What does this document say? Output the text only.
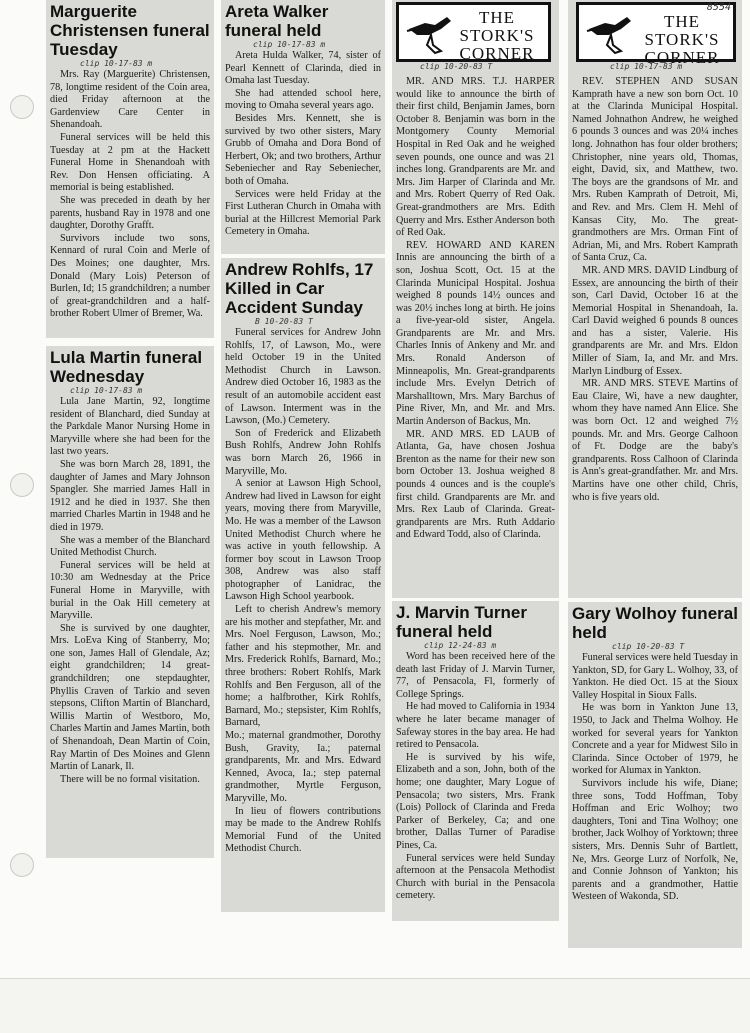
Marguerite Christensen funeral Tuesday
clip 10-17-83 m

Mrs. Ray (Marguerite) Christensen, 78, longtime resident of the Coin area, died Friday afternoon at the Gardenview Care Center in Shenandoah.

Funeral services will be held this Tuesday at 2 pm at the Hackett Funeral Home in Shenandoah with Rev. Don Hensen officiating. A memorial is being established.

She was preceded in death by her parents, husband Ray in 1978 and one daughter, Dorothy Grafft.

Survivors include two sons, Kennard of rural Coin and Merle of Des Moines; one daughter, Mrs. Donald (Mary Lois) Peterson of Burlen, Id; 15 grandchildren; a number of great-grandchildren and a half-brother Robert Ulmer of Bremer, Wa.

Lula Martin funeral Wednesday
clip 10-17-83 m

Lula Jane Martin, 92, longtime resident of Blanchard, died Sunday at the Parkdale Manor Nursing Home in Maryville where she had been for the last two years.

She was born March 28, 1891, the daughter of James and Mary Johnson Spangler. She married James Hall in 1912 and he died in 1937. She then married Charles Martin in 1948 and he died in 1979.

She was a member of the Blanchard United Methodist Church.

Funeral services will be held at 10:30 am Wednesday at the Price Funeral Home in Maryville, with burial in the Oak Hill cemetery at Maryville.

She is survived by one daughter, Mrs. LoEva King of Stanberry, Mo; one son, James Hall of Glendale, Az; eight grandchildren; 14 great-grandchildren; one stepdaughter, Phyllis Craven of Tarkio and seven stepsons, Clifton Martin of Blanchard, Willis Martin of Westboro, Mo, Charles Martin and James Martin, both of Shenandoah, Dean Martin of Coin, Ray Martin of Des Moines and Glenn Martin of Lanark, Il.

There will be no formal visitation.

Areta Walker funeral held
clip 10-17-83 m

Areta Hulda Walker, 74, sister of Pearl Kennett of Clarinda, died in Omaha last Tuesday.

She had attended school here, moving to Omaha several years ago.

Besides Mrs. Kennett, she is survived by two other sisters, Mary Grubb of Omaha and Dora Bond of Herbert, Ok; and two brothers, Arthur Sebeniecher and Ray Sebeniecher, both of Omaha.

Services were held Friday at the First Lutheran Church in Omaha with burial at the Hillcrest Memorial Park Cemetery in Omaha.

Andrew Rohlfs, 17 Killed in Car Accident Sunday
B 10-20-83 T

Funeral services for Andrew John Rohlfs, 17, of Lawson, Mo., were held October 19 in the United Methodist Church in Lawson. Andrew died October 16, 1983 as the result of an automobile accident east of Lawson. Interment was in the Lawson, (Mo.) Cemetery.

Son of Frederick and Elizabeth Bush Rohlfs, Andrew John Rohlfs was born March 26, 1966 in Maryville, Mo.

A senior at Lawson High School, Andrew had lived in Lawson for eight years, moving there from Maryville, Mo. He was a member of the Lawson United Methodist Church where he was active in youth fellowship. A former boy scout in Lawson Troop 308, Andrew was also staff photographer of Lanidrac, the Lawson High School yearbook.

Left to cherish Andrew's memory are his mother and stepfather, Mr. and Mrs. Noel Ferguson, Lawson, Mo.; father and his stepmother, Mr. and Mrs. Frederick Rohlfs, Barnard, Mo.; three brothers: Robert Rohlfs, Mark Rohlfs and Ben Ferguson, all of the home; a halfbrother, Kirk Rohlfs, Barnard, Mo.; stepsister, Kim Rohlfs, Barnard,

Mo.; maternal grandmother, Dorothy Bush, Gravity, Ia.; paternal grandparents, Mr. and Mrs. Edward Kenned, Avoca, Ia.; step paternal grandmother, Myrtle Ferguson, Maryville, Mo.

In lieu of flowers contributions may be made to the Andrew Rohlfs Memorial Fund of the United Methodist Church.

THE STORK'S CORNER
clip 10-20-83 T

MR. AND MRS. T.J. HARPER would like to announce the birth of their first child, Benjamin James, born October 8. Benjamin was born in the Montgomery County Memorial Hospital in Red Oak and he weighed seven pounds, one ounce and was 21 inches long. Grandparents are Mr. and Mrs. Jim Harper of Clarinda and Mr. and Mrs. Robert Querry of Red Oak. Great-grandmothers are Mrs. Edith Querry and Mrs. Esther Anderson both of Red Oak.

REV. HOWARD AND KAREN Innis are announcing the birth of a son, Joshua Scott, Oct. 15 at the Clarinda Municipal Hospital. Joshua weighed 8 pounds 14½ ounces and was 20½ inches long at birth. He joins a five-year-old sister, Angela. Grandparents are Mr. and Mrs. Charles Innis of Ankeny and Mr. and Mrs. Ronald Anderson of Minneapolis, Mn. Great-grandparents include Mrs. Evelyn Detrich of Marshalltown, Mrs. Mary Barchus of Pine River, Mn, and Mr. and Mrs. Martin Anderson of Backus, Mn.

MR. AND MRS. ED LAUB of Atlanta, Ga, have chosen Joshua Brenton as the name for their new son born October 13. Joshua weighed 8 pounds 4 ounces and is the couple's first child. Grandparents are Mr. and Mrs. Rex Laub of Clarinda. Great-grandparents are Mrs. Ruth Addario and Edward Todd, also of Clarinda.

J. Marvin Turner funeral held
clip 12-24-83 m

Word has been received here of the death last Friday of J. Marvin Turner, 77, of Pensacola, Fl, formerly of College Springs.

He had moved to California in 1934 where he later became manager of Safeway stores in the bay area. He had retired to Pensacola.

He is survived by his wife, Elizabeth and a son, John, both of the home; one daughter, Mary Logue of Pensacola; two sisters, Mrs. Frank (Lois) Pollock of Clarinda and Freda Parker of Berkeley, Ca; and one brother, Dallas Turner of Paradise Pines, Ca.

Funeral services were held Sunday afternoon at the Pensacola Methodist Church with burial in the Pensacola cemetery.

THE STORK'S CORNER
8554
clip 10-17-83 m

REV. STEPHEN AND SUSAN Kamprath have a new son born Oct. 10 at the Clarinda Municipal Hospital. Named Johnathon Andrew, he weighed 6 pounds 3 ounces and was 20¼ inches long. Johnathon has four older brothers; Christopher, nine years old, Thomas, eight, David, six, and Matthew, two. The boys are the grandsons of Mr. and Mrs. Ruben Kamprath of Detroit, Mi, and Rev. and Mrs. Clem H. Mehl of Kansas City, Mo. The great-grandmothers are Mrs. Orman Fint of Adrian, Mi, and Mrs. Robert Kamprath of Santa Cruz, Ca.

MR. AND MRS. DAVID Lindburg of Essex, are announcing the birth of their son, Carl David, October 16 at the Memorial Hospital in Shenandoah, Ia. Carl David weighed 6 pounds 8 ounces and has a sister, Valerie. His grandparents are Mr. and Mrs. Eldon Miller of Siam, Ia, and Mr. and Mrs. Marlyn Lindburg of Essex.

MR. AND MRS. STEVE Martins of Eau Claire, Wi, have a new daughter, whom they have named Ann Elice. She was born Oct. 12 and weighed 7½ pounds. Mr. and Mrs. George Calhoon of Ft. Dodge are the baby's grandparents. Ross Calhoon of Clarinda is Ann's great-grandfather. Mr. and Mrs. Martins have one other child, Chris, who is five years old.

Gary Wolhoy funeral held
clip 10-20-83 T

Funeral services were held Tuesday in Yankton, SD, for Gary L. Wolhoy, 33, of Yankton. He died Oct. 15 at the Sioux Valley Hospital in Sioux Falls.

He was born in Yankton June 13, 1950, to Jack and Thelma Wolhoy. He worked for several years for Yankton Concrete and a year for Midwest Silo in Clarinda. Since October of 1979, he worked for Alumax in Yankton.

Survivors include his wife, Diane; three sons, Todd Hoffman, Toby Hoffman and Eric Wolhoy; two daughters, Toni and Tina Wolhoy; one brother, Jack Wolhoy of Yorktown; three sisters, Mrs. Dennis Suhr of Bartlett, Ne, Mrs. George Lurz of Norfolk, Ne, and Connie Johnson of Yankton; his parents and a grandmother, Hattie Westeen of Wakonda, SD.
